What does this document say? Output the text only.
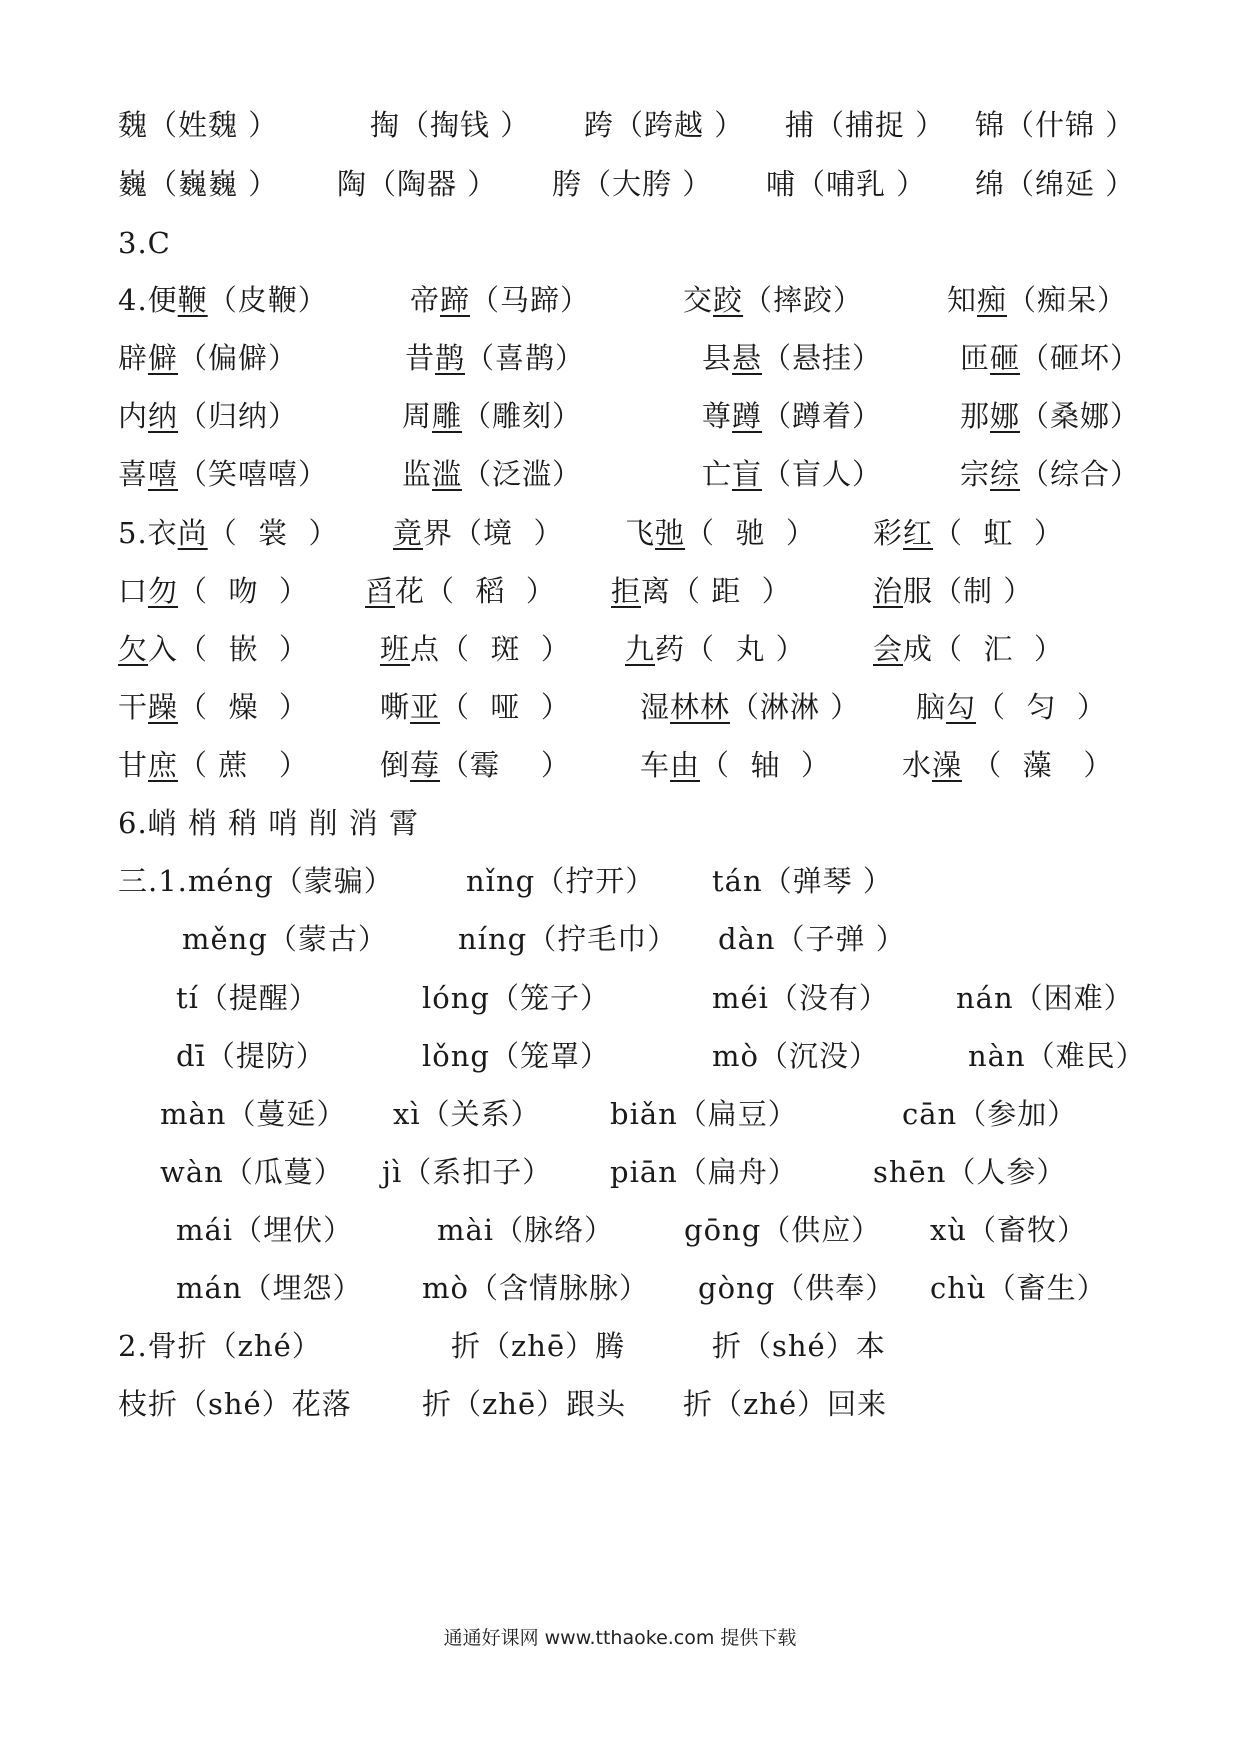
魏（姓魏 ）	掏（掏钱 ） 跨（跨越 ） 捕（捕捉 ） 锦（什锦 ）
巍（巍巍 ） 陶（陶器 ） 胯（大胯 ） 哺（哺乳 ） 绵（绵延 ）
3.C
4.便鞭（皮鞭）	帝蹄（马蹄）	交跤（摔跤）	知痴（痴呆）
辟僻（偏僻）	昔鹊（喜鹊）	县悬（悬挂）	匝砸（砸坏）
内纳（归纳）	周雕（雕刻）	尊蹲（蹲着）	那娜（桑娜）
喜嘻（笑嘻嘻）	监滥（泛滥）	亡盲（盲人）	宗综（综合）
5.衣尚（  裳  ） 竟界（境  ） 飞弛（  驰  ） 彩红（  虹  ）
口勿（  吻  ） 舀花（  稻  ） 拒离（ 距  ）	治服（制 ）
欠入（  嵌  ） 班点（  斑  ） 九药（  丸 ） 会成（  汇  ）
干躁（  燥  ） 嘶亚（  哑  ） 湿林林（淋淋 ） 脑勾（  匀  ）
甘庶（ 蔗   ） 倒莓（霉    ） 车由（  轴  ） 水澡 （  藻   ）
6.峭 梢 稍 哨 削 消 霄
三.1.méng（蒙骗） nǐng（拧开） tán（弹琴 ）
měng（蒙古） níng（拧毛巾） dàn（子弹 ）
tí（提醒）	lóng（笼子）	méi（没有） nán（困难）
dī（提防）	lǒng（笼罩）	mò（沉没）	nàn（难民）
màn（蔓延） xì（关系） biǎn（扁豆）	cān（参加）
wàn（瓜蔓） jì（系扣子） piān（扁舟）	shēn（人参）
mái（埋伏）	mài（脉络） gōng（供应） xù（畜牧）
mán（埋怨） mò（含情脉脉） gòng（供奉） chù（畜生）
2.骨折（zhé）	折（zhē）腾	折（shé）本
枝折（shé）花落 折（zhē）跟头 折（zhé）回来
通通好课网 www.tthaoke.com 提供下载
